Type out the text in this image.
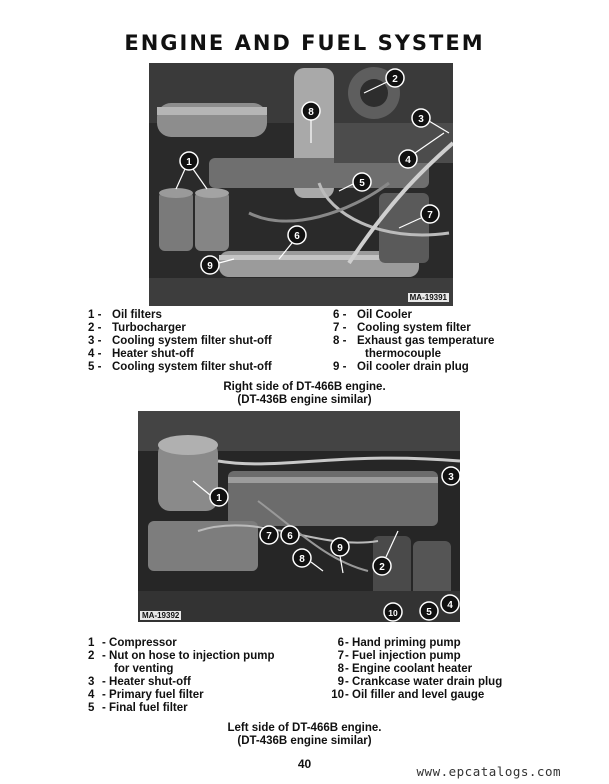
ENGINE AND FUEL SYSTEM
1
2
3
4
5
6
7
8
9
MA-19391
1 - Oil filters
2 - Turbocharger
3 - Cooling system filter shut-off
4 - Heater shut-off
5 - Cooling system filter shut-off
6 - Oil Cooler
7 - Cooling system filter
8 - Exhaust gas temperature
thermocouple
9 - Oil cooler drain plug
Right side of DT-466B engine.
(DT-436B engine similar)
1
2
3
4
5
6
7
8
9
10
MA-19392
1 - Compressor
2 - Nut on hose to injection pump
for venting
3 - Heater shut-off
4 - Primary fuel filter
5 - Final fuel filter
6- Hand priming pump
7- Fuel injection pump
8- Engine coolant heater
9- Crankcase water drain plug
10- Oil filler and level gauge
Left side of DT-466B engine.
(DT-436B engine similar)
40	www.epcatalogs.com
